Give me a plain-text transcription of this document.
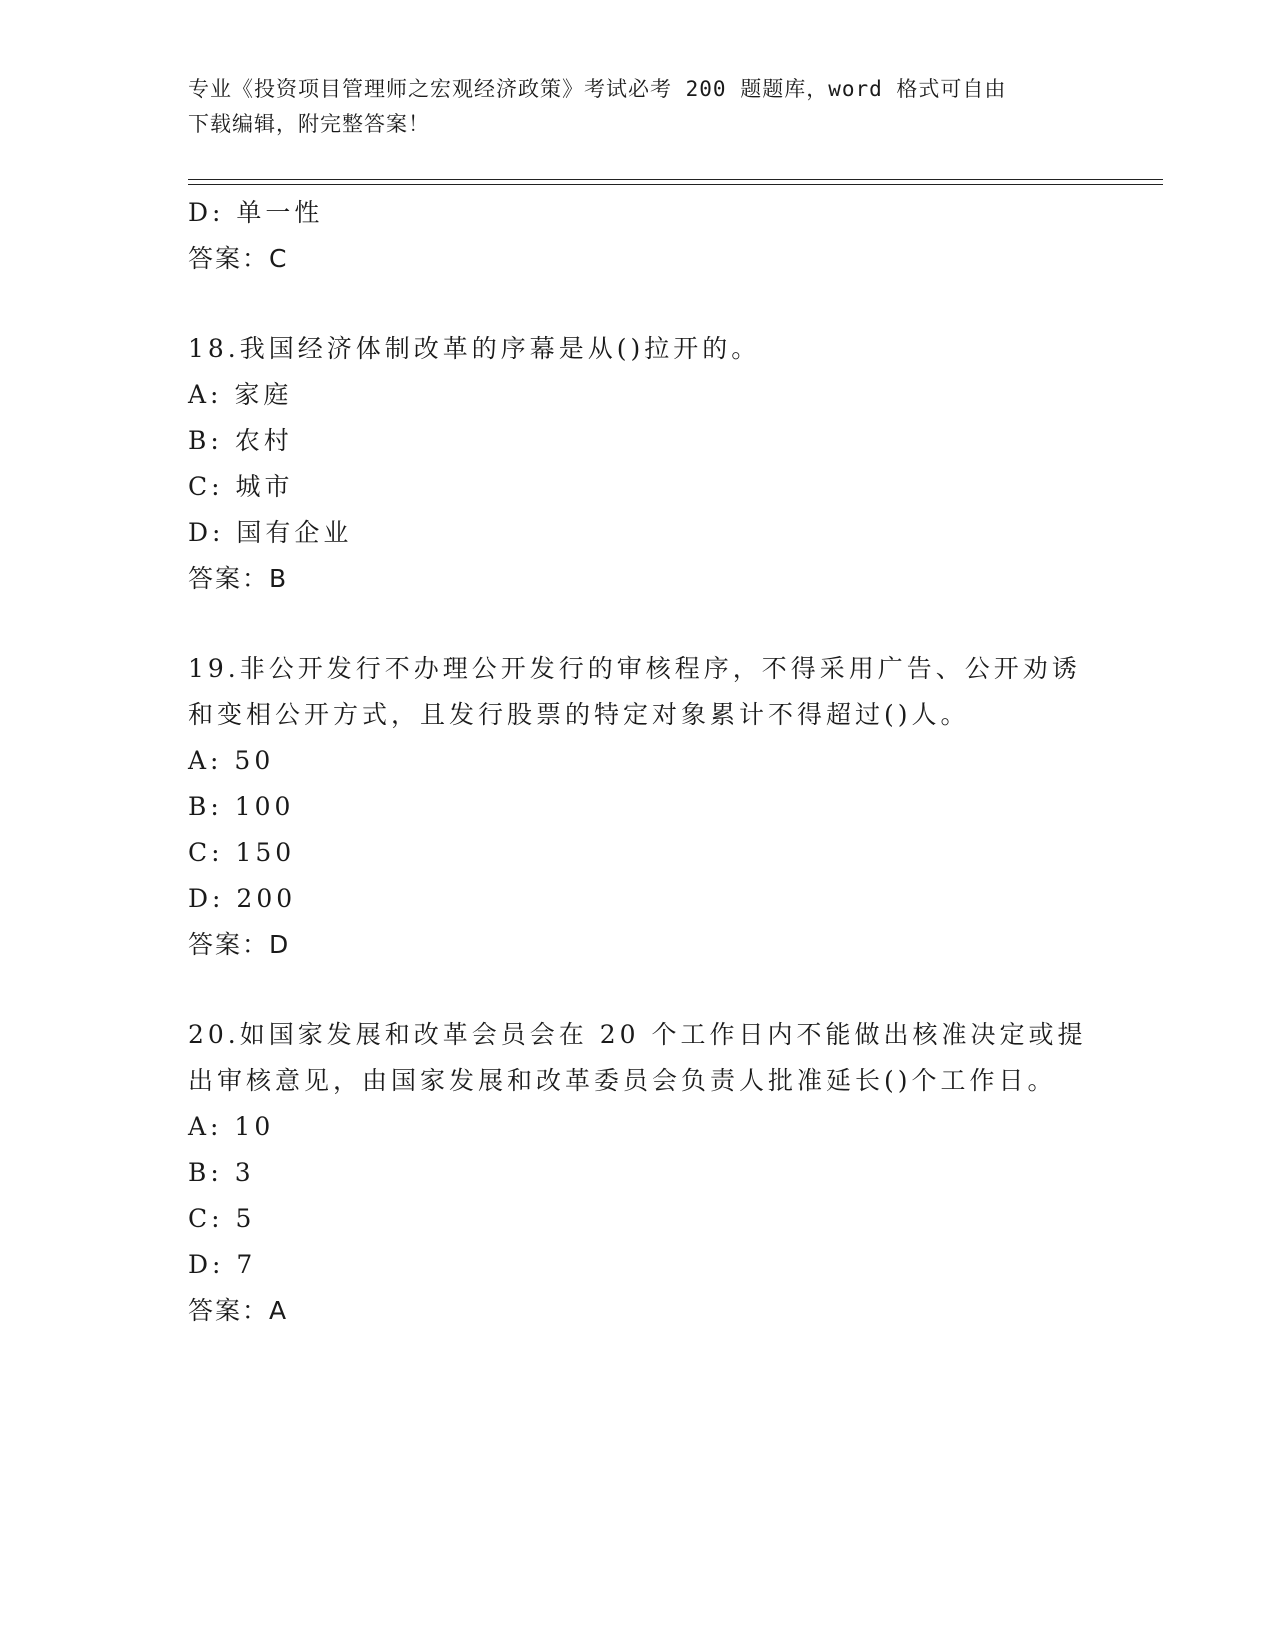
专业《投资项目管理师之宏观经济政策》考试必考 200 题题库，word 格式可自由
下载编辑，附完整答案！
D: 单一性
答案：C
18.我国经济体制改革的序幕是从()拉开的。
A: 家庭
B: 农村
C: 城市
D: 国有企业
答案：B
19.非公开发行不办理公开发行的审核程序，不得采用广告、公开劝诱
和变相公开方式，且发行股票的特定对象累计不得超过()人。
A: 50
B: 100
C: 150
D: 200
答案：D
20.如国家发展和改革会员会在 20 个工作日内不能做出核准决定或提
出审核意见，由国家发展和改革委员会负责人批准延长()个工作日。
A: 10
B: 3
C: 5
D: 7
答案：A
